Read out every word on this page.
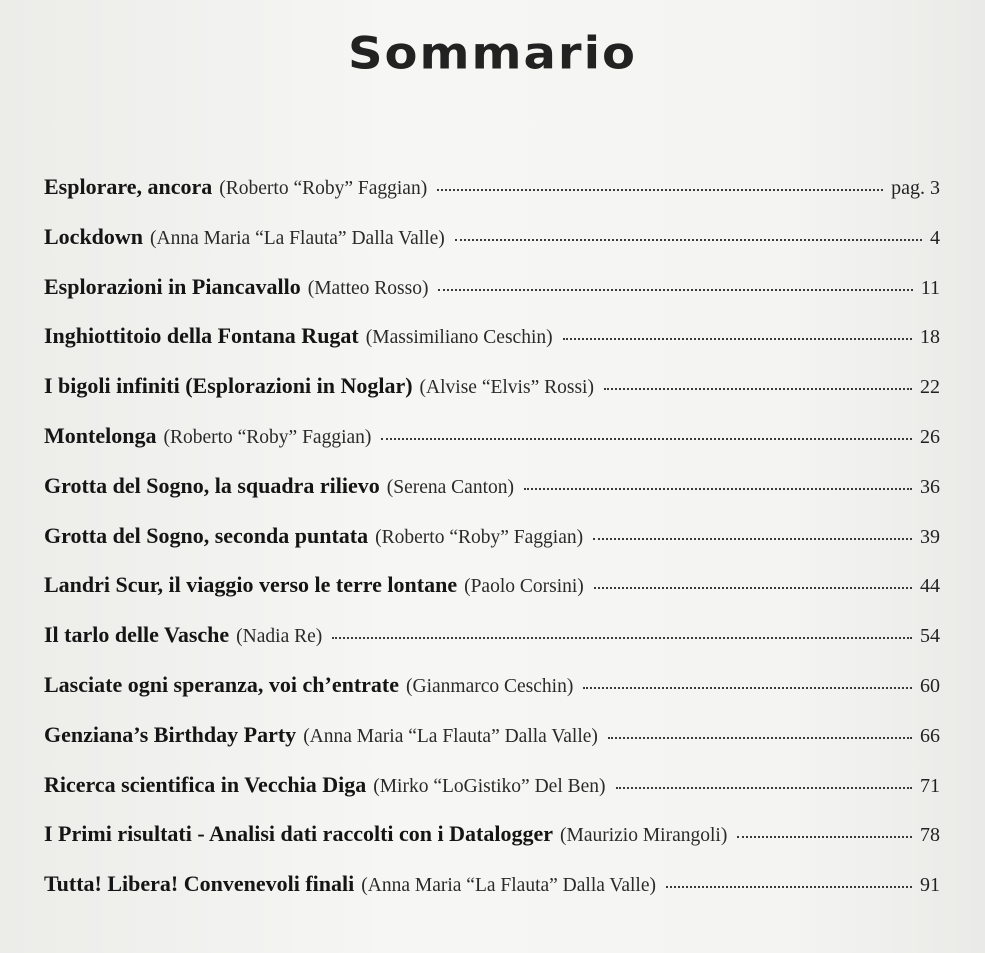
Sommario
Esplorare, ancora (Roberto “Roby” Faggian)	pag. 3
Lockdown (Anna Maria “La Flauta” Dalla Valle)	4
Esplorazioni in Piancavallo (Matteo Rosso)	11
Inghiottitoio della Fontana Rugat (Massimiliano Ceschin)	18
I bigoli infiniti (Esplorazioni in Noglar) (Alvise “Elvis” Rossi)	22
Montelonga (Roberto “Roby” Faggian)	26
Grotta del Sogno, la squadra rilievo (Serena Canton)	36
Grotta del Sogno, seconda puntata (Roberto “Roby” Faggian)	39
Landri Scur, il viaggio verso le terre lontane (Paolo Corsini)	44
Il tarlo delle Vasche (Nadia Re)	54
Lasciate ogni speranza, voi ch’entrate (Gianmarco Ceschin)	60
Genziana’s Birthday Party (Anna Maria “La Flauta” Dalla Valle)	66
Ricerca scientifica in Vecchia Diga (Mirko “LoGistiko” Del Ben)	71
I Primi risultati - Analisi dati raccolti con i Datalogger (Maurizio Mirangoli)	78
Tutta! Libera! Convenevoli finali (Anna Maria “La Flauta” Dalla Valle)	91
